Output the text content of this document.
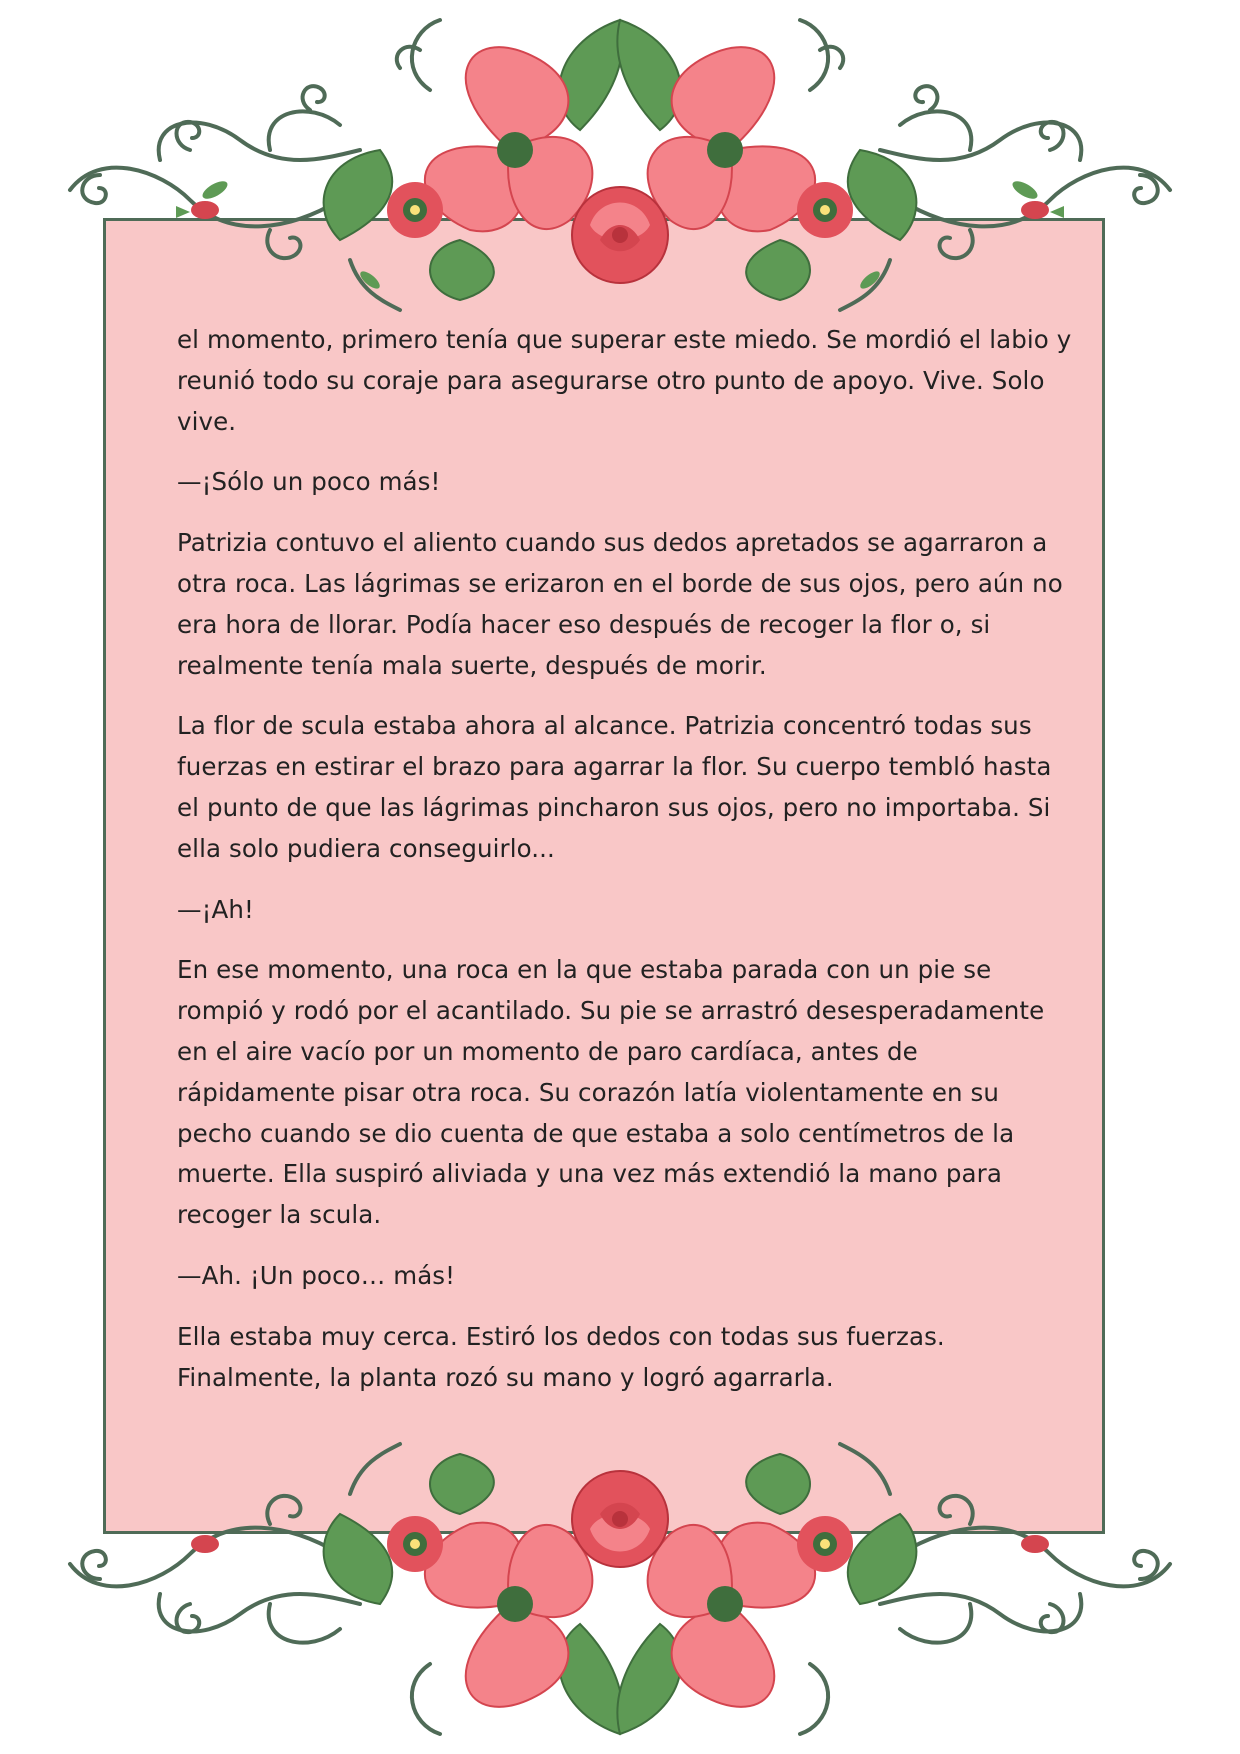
el momento, primero tenía que superar este miedo. Se mordió el labio y reunió todo su coraje para asegurarse otro punto de apoyo. Vive. Solo vive.

—¡Sólo un poco más!

Patrizia contuvo el aliento cuando sus dedos apretados se agarraron a otra roca. Las lágrimas se erizaron en el borde de sus ojos, pero aún no era hora de llorar. Podía hacer eso después de recoger la flor o, si realmente tenía mala suerte, después de morir.

La flor de scula estaba ahora al alcance. Patrizia concentró todas sus fuerzas en estirar el brazo para agarrar la flor. Su cuerpo tembló hasta el punto de que las lágrimas pincharon sus ojos, pero no importaba. Si ella solo pudiera conseguirlo...

—¡Ah!

En ese momento, una roca en la que estaba parada con un pie se rompió y rodó por el acantilado. Su pie se arrastró desesperadamente en el aire vacío por un momento de paro cardíaca, antes de rápidamente pisar otra roca. Su corazón latía violentamente en su pecho cuando se dio cuenta de que estaba a solo centímetros de la muerte. Ella suspiró aliviada y una vez más extendió la mano para recoger la scula.

—Ah. ¡Un poco… más!

Ella estaba muy cerca. Estiró los dedos con todas sus fuerzas. Finalmente, la planta rozó su mano y logró agarrarla.
